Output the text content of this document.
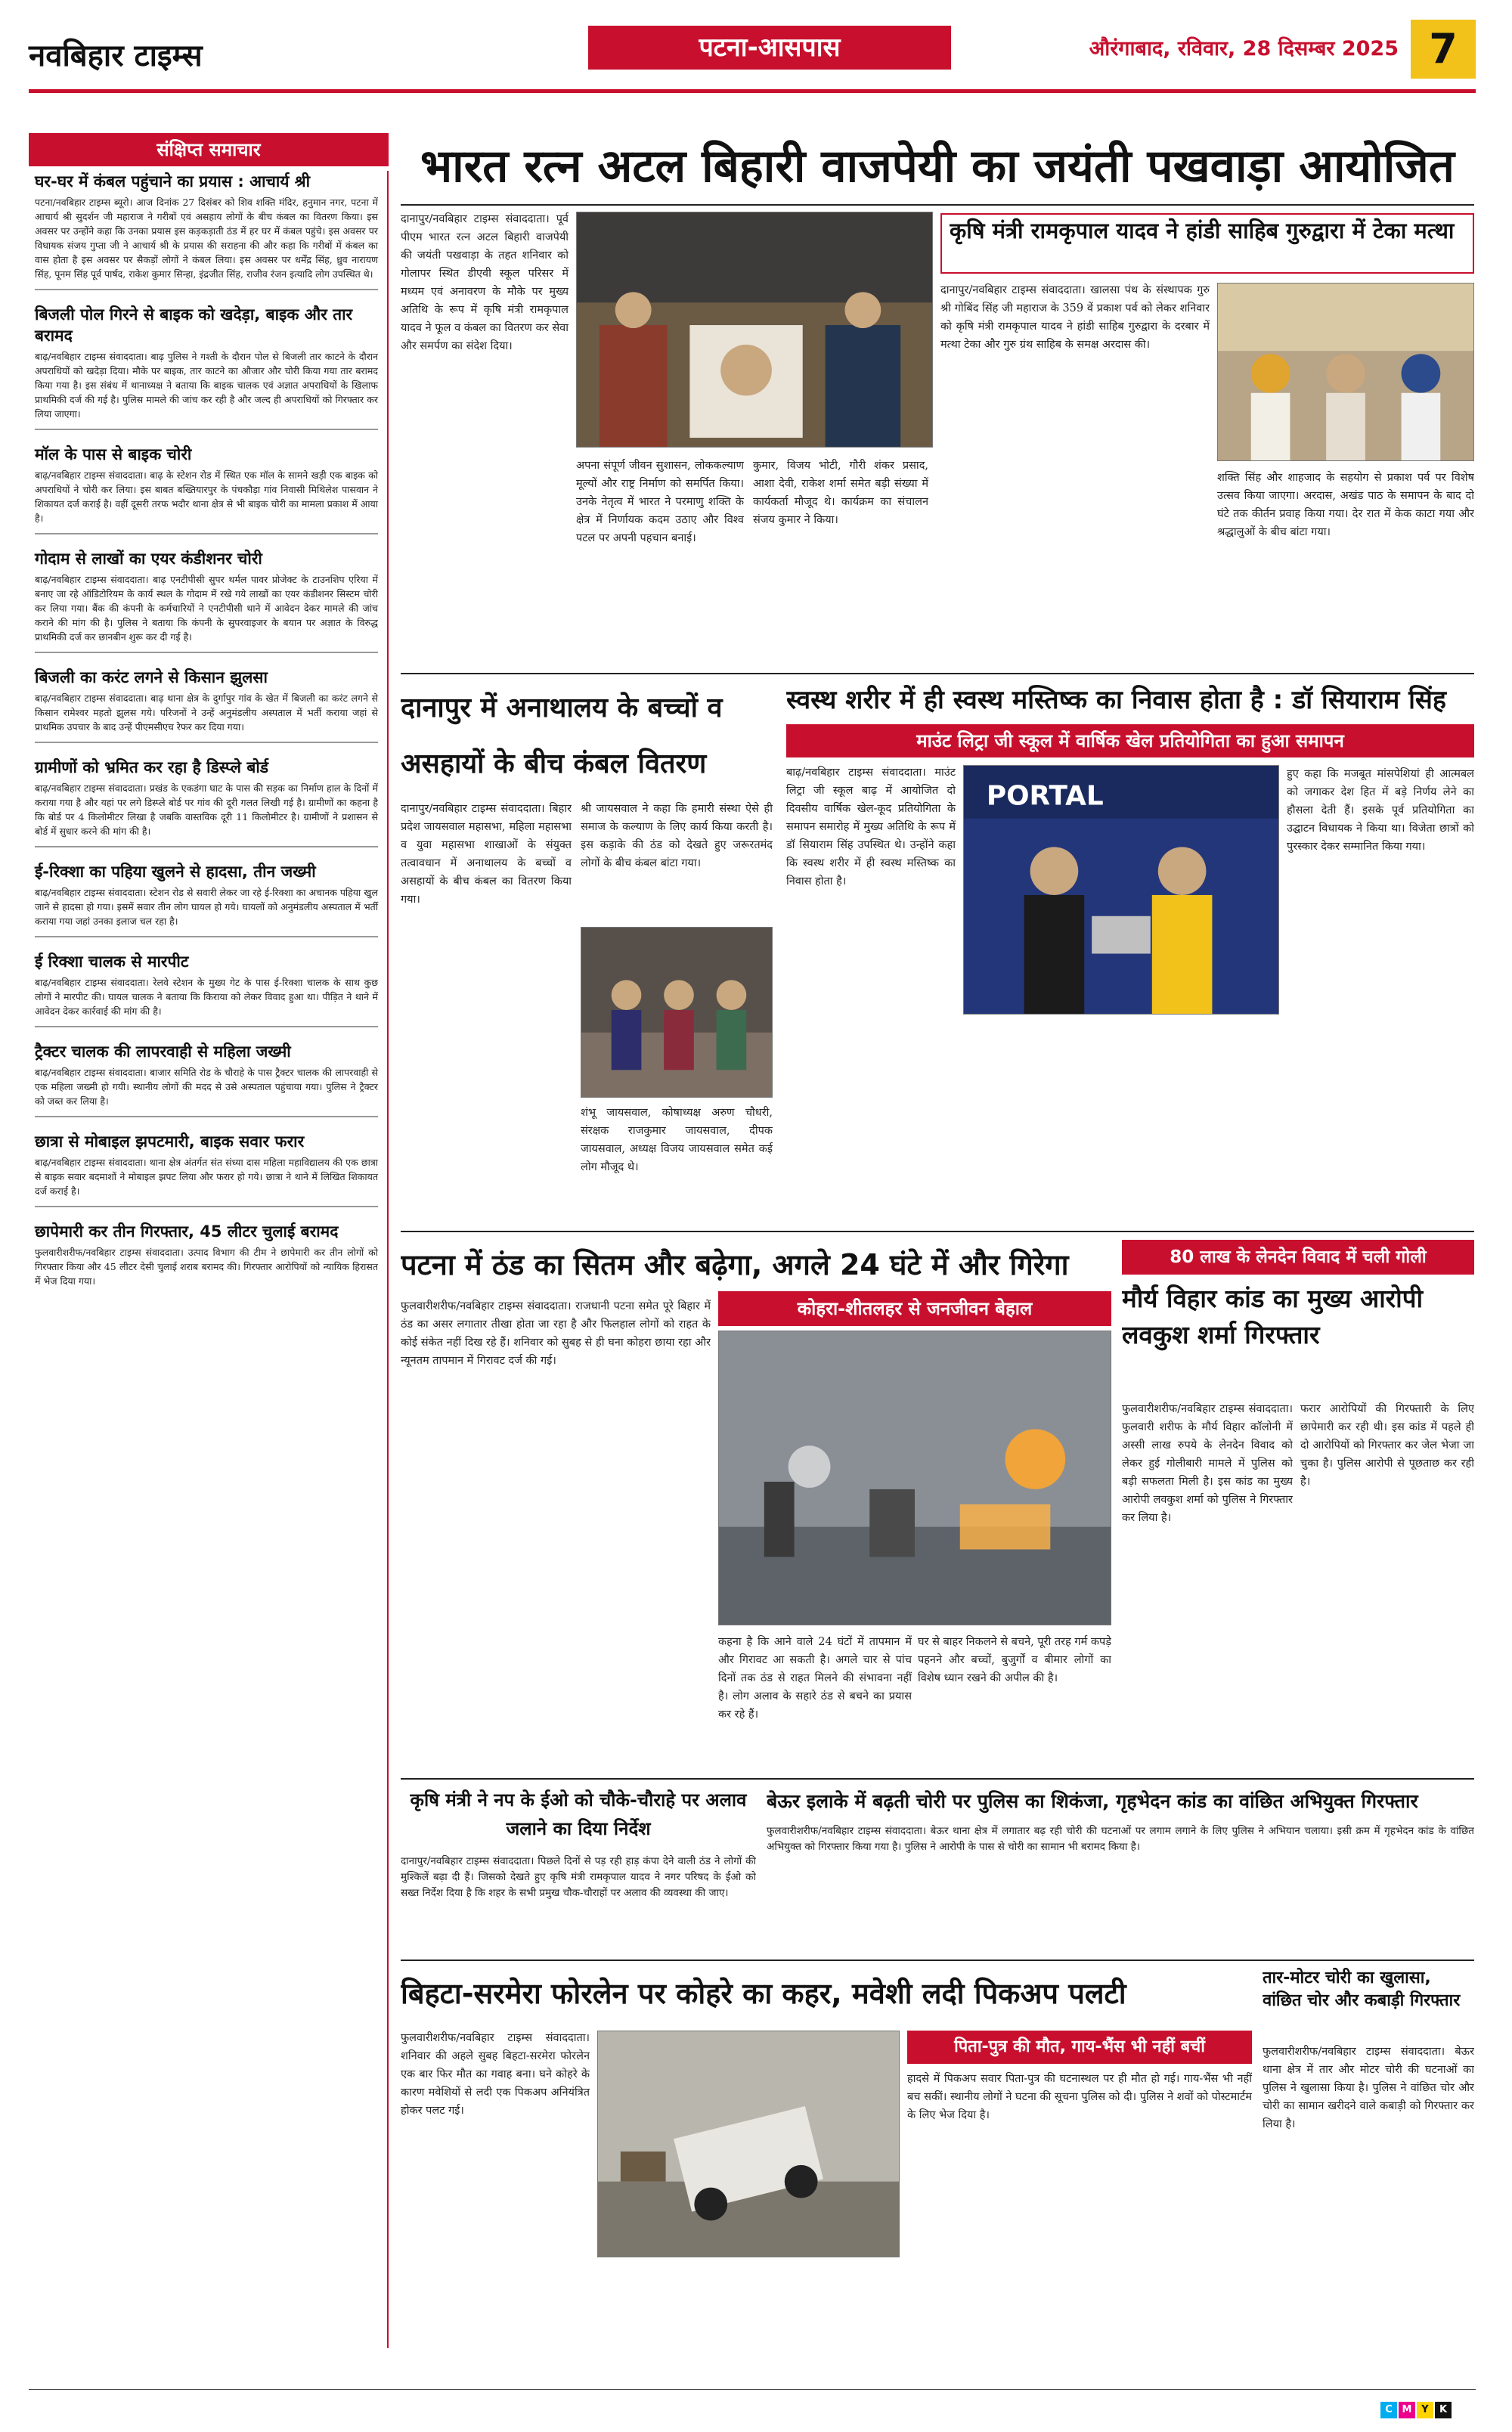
नवबिहार टाइम्स	पटना-आसपास	औरंगाबाद, रविवार, 28 दिसम्बर 2025 7
संक्षिप्त समाचार
घर-घर में कंबल पहुंचाने का प्रयास : आचार्य श्री

पटना/नवबिहार टाइम्स ब्यूरो। आज दिनांक 27 दिसंबर को शिव शक्ति मंदिर, हनुमान नगर, पटना में आचार्य श्री सुदर्शन जी महाराज ने गरीबों एवं असहाय लोगों के बीच कंबल का वितरण किया। इस अवसर पर उन्होंने कहा कि उनका प्रयास इस कड़कड़ाती ठंड में हर घर में कंबल पहुंचे। इस अवसर पर विधायक संजय गुप्ता जी ने आचार्य श्री के प्रयास की सराहना की और कहा कि गरीबों में कंबल का वास होता है इस अवसर पर सैकड़ों लोगों ने कंबल लिया। इस अवसर पर धर्मेंद्र सिंह, ध्रुव नारायण सिंह, पूनम सिंह पूर्व पार्षद, राकेश कुमार सिन्हा, इंद्रजीत सिंह, राजीव रंजन इत्यादि लोग उपस्थित थे।

बिजली पोल गिरने से बाइक को खदेड़ा, बाइक और तार बरामद

बाढ़/नवबिहार टाइम्स संवाददाता। बाढ़ पुलिस ने गश्ती के दौरान पोल से बिजली तार काटने के दौरान अपराधियों को खदेड़ा दिया। मौके पर बाइक, तार काटने का औजार और चोरी किया गया तार बरामद किया गया है। इस संबंध में थानाध्यक्ष ने बताया कि बाइक चालक एवं अज्ञात अपराधियों के खिलाफ प्राथमिकी दर्ज की गई है। पुलिस मामले की जांच कर रही है और जल्द ही अपराधियों को गिरफ्तार कर लिया जाएगा।

मॉल के पास से बाइक चोरी

बाढ़/नवबिहार टाइम्स संवाददाता। बाढ़ के स्टेशन रोड में स्थित एक मॉल के सामने खड़ी एक बाइक को अपराधियों ने चोरी कर लिया। इस बाबत बख्तियारपुर के पंचकौड़ा गांव निवासी मिथिलेश पासवान ने शिकायत दर्ज कराई है। वहीं दूसरी तरफ भदौर थाना क्षेत्र से भी बाइक चोरी का मामला प्रकाश में आया है।

गोदाम से लाखों का एयर कंडीशनर चोरी

बाढ़/नवबिहार टाइम्स संवाददाता। बाढ़ एनटीपीसी सुपर थर्मल पावर प्रोजेक्ट के टाउनशिप एरिया में बनाए जा रहे ऑडिटोरियम के कार्य स्थल के गोदाम में रखे गये लाखों का एयर कंडीशनर सिस्टम चोरी कर लिया गया। बैंक की कंपनी के कर्मचारियों ने एनटीपीसी थाने में आवेदन देकर मामले की जांच कराने की मांग की है। पुलिस ने बताया कि कंपनी के सुपरवाइजर के बयान पर अज्ञात के विरुद्ध प्राथमिकी दर्ज कर छानबीन शुरू कर दी गई है।

बिजली का करंट लगने से किसान झुलसा

बाढ़/नवबिहार टाइम्स संवाददाता। बाढ़ थाना क्षेत्र के दुर्गापुर गांव के खेत में बिजली का करंट लगने से किसान रामेश्वर महतो झुलस गये। परिजनों ने उन्हें अनुमंडलीय अस्पताल में भर्ती कराया जहां से प्राथमिक उपचार के बाद उन्हें पीएमसीएच रेफर कर दिया गया।

ग्रामीणों को भ्रमित कर रहा है डिस्प्ले बोर्ड

बाढ़/नवबिहार टाइम्स संवाददाता। प्रखंड के एकडंगा घाट के पास की सड़क का निर्माण हाल के दिनों में कराया गया है और यहां पर लगे डिस्प्ले बोर्ड पर गांव की दूरी गलत लिखी गई है। ग्रामीणों का कहना है कि बोर्ड पर 4 किलोमीटर लिखा है जबकि वास्तविक दूरी 11 किलोमीटर है। ग्रामीणों ने प्रशासन से बोर्ड में सुधार करने की मांग की है।

ई-रिक्शा का पहिया खुलने से हादसा, तीन जख्मी

बाढ़/नवबिहार टाइम्स संवाददाता। स्टेशन रोड से सवारी लेकर जा रहे ई-रिक्शा का अचानक पहिया खुल जाने से हादसा हो गया। इसमें सवार तीन लोग घायल हो गये। घायलों को अनुमंडलीय अस्पताल में भर्ती कराया गया जहां उनका इलाज चल रहा है।

ई रिक्शा चालक से मारपीट

बाढ़/नवबिहार टाइम्स संवाददाता। रेलवे स्टेशन के मुख्य गेट के पास ई-रिक्शा चालक के साथ कुछ लोगों ने मारपीट की। घायल चालक ने बताया कि किराया को लेकर विवाद हुआ था। पीड़ित ने थाने में आवेदन देकर कार्रवाई की मांग की है।

ट्रैक्टर चालक की लापरवाही से महिला जख्मी

बाढ़/नवबिहार टाइम्स संवाददाता। बाजार समिति रोड के चौराहे के पास ट्रैक्टर चालक की लापरवाही से एक महिला जख्मी हो गयी। स्थानीय लोगों की मदद से उसे अस्पताल पहुंचाया गया। पुलिस ने ट्रैक्टर को जब्त कर लिया है।

छात्रा से मोबाइल झपटमारी, बाइक सवार फरार

बाढ़/नवबिहार टाइम्स संवाददाता। थाना क्षेत्र अंतर्गत संत संध्या दास महिला महाविद्यालय की एक छात्रा से बाइक सवार बदमाशों ने मोबाइल झपट लिया और फरार हो गये। छात्रा ने थाने में लिखित शिकायत दर्ज कराई है।

छापेमारी कर तीन गिरफ्तार, 45 लीटर चुलाई बरामद

फुलवारीशरीफ/नवबिहार टाइम्स संवाददाता। उत्पाद विभाग की टीम ने छापेमारी कर तीन लोगों को गिरफ्तार किया और 45 लीटर देसी चुलाई शराब बरामद की। गिरफ्तार आरोपियों को न्यायिक हिरासत में भेज दिया गया।

भारत रत्न अटल बिहारी वाजपेयी का जयंती पखवाड़ा आयोजित
दानापुर/नवबिहार टाइम्स संवाददाता। पूर्व पीएम भारत रत्न अटल बिहारी वाजपेयी की जयंती पखवाड़ा के तहत शनिवार को गोलापर स्थित डीएवी स्कूल परिसर में मध्यम एवं अनावरण के मौके पर मुख्य अतिथि के रूप में कृषि मंत्री रामकृपाल यादव ने फूल व कंबल का वितरण कर सेवा और समर्पण का संदेश दिया।
अपना संपूर्ण जीवन सुशासन, लोककल्याण मूल्यों और राष्ट्र निर्माण को समर्पित किया। उनके नेतृत्व में भारत ने परमाणु शक्ति के क्षेत्र में निर्णायक कदम उठाए और विश्व पटल पर अपनी पहचान बनाई।
कुमार, विजय भोटी, गौरी शंकर प्रसाद, आशा देवी, राकेश शर्मा समेत बड़ी संख्या में कार्यकर्ता मौजूद थे। कार्यक्रम का संचालन संजय कुमार ने किया।
कृषि मंत्री रामकृपाल यादव ने हांडी साहिब गुरुद्वारा में टेका मत्था
दानापुर/नवबिहार टाइम्स संवाददाता। खालसा पंथ के संस्थापक गुरु श्री गोबिंद सिंह जी महाराज के 359 वें प्रकाश पर्व को लेकर शनिवार को कृषि मंत्री रामकृपाल यादव ने हांडी साहिब गुरुद्वारा के दरबार में मत्था टेका और गुरु ग्रंथ साहिब के समक्ष अरदास की।
शक्ति सिंह और शाहजाद के सहयोग से प्रकाश पर्व पर विशेष उत्सव किया जाएगा। अरदास, अखंड पाठ के समापन के बाद दो घंटे तक कीर्तन प्रवाह किया गया। देर रात में केक काटा गया और श्रद्धालुओं के बीच बांटा गया।
दानापुर में अनाथालय के बच्चों व असहायों के बीच कंबल वितरण
दानापुर/नवबिहार टाइम्स संवाददाता। बिहार प्रदेश जायसवाल महासभा, महिला महासभा व युवा महासभा शाखाओं के संयुक्त तत्वावधान में अनाथालय के बच्चों व असहायों के बीच कंबल का वितरण किया गया।
श्री जायसवाल ने कहा कि हमारी संस्था ऐसे ही समाज के कल्याण के लिए कार्य किया करती है। इस कड़ाके की ठंड को देखते हुए जरूरतमंद लोगों के बीच कंबल बांटा गया।
शंभू जायसवाल, कोषाध्यक्ष अरुण चौधरी, संरक्षक राजकुमार जायसवाल, दीपक जायसवाल, अध्यक्ष विजय जायसवाल समेत कई लोग मौजूद थे।
स्वस्थ शरीर में ही स्वस्थ मस्तिष्क का निवास होता है : डॉ सियाराम सिंह
माउंट लिट्रा जी स्कूल में वार्षिक खेल प्रतियोगिता का हुआ समापन
बाढ़/नवबिहार टाइम्स संवाददाता। माउंट लिट्रा जी स्कूल बाढ़ में आयोजित दो दिवसीय वार्षिक खेल-कूद प्रतियोगिता के समापन समारोह में मुख्य अतिथि के रूप में डॉ सियाराम सिंह उपस्थित थे। उन्होंने कहा कि स्वस्थ शरीर में ही स्वस्थ मस्तिष्क का निवास होता है।
PORTAL
हुए कहा कि मजबूत मांसपेशियां ही आत्मबल को जगाकर देश हित में बड़े निर्णय लेने का हौसला देती हैं। इसके पूर्व प्रतियोगिता का उद्घाटन विधायक ने किया था। विजेता छात्रों को पुरस्कार देकर सम्मानित किया गया।
पटना में ठंड का सितम और बढ़ेगा, अगले 24 घंटे में और गिरेगा
कोहरा-शीतलहर से जनजीवन बेहाल
फुलवारीशरीफ/नवबिहार टाइम्स संवाददाता। राजधानी पटना समेत पूरे बिहार में ठंड का असर लगातार तीखा होता जा रहा है और फिलहाल लोगों को राहत के कोई संकेत नहीं दिख रहे हैं। शनिवार को सुबह से ही घना कोहरा छाया रहा और न्यूनतम तापमान में गिरावट दर्ज की गई।
कहना है कि आने वाले 24 घंटों में तापमान में और गिरावट आ सकती है। अगले चार से पांच दिनों तक ठंड से राहत मिलने की संभावना नहीं है। लोग अलाव के सहारे ठंड से बचने का प्रयास कर रहे हैं।
घर से बाहर निकलने से बचने, पूरी तरह गर्म कपड़े पहनने और बच्चों, बुजुर्गों व बीमार लोगों का विशेष ध्यान रखने की अपील की है।
80 लाख के लेनदेन विवाद में चली गोली
मौर्य विहार कांड का मुख्य आरोपी लवकुश शर्मा गिरफ्तार
फुलवारीशरीफ/नवबिहार टाइम्स संवाददाता। फुलवारी शरीफ के मौर्य विहार कॉलोनी में अस्सी लाख रुपये के लेनदेन विवाद को लेकर हुई गोलीबारी मामले में पुलिस को बड़ी सफलता मिली है। इस कांड का मुख्य आरोपी लवकुश शर्मा को पुलिस ने गिरफ्तार कर लिया है।
फरार आरोपियों की गिरफ्तारी के लिए छापेमारी कर रही थी। इस कांड में पहले ही दो आरोपियों को गिरफ्तार कर जेल भेजा जा चुका है। पुलिस आरोपी से पूछताछ कर रही है।
कृषि मंत्री ने नप के ईओ को चौके-चौराहे पर अलाव जलाने का दिया निर्देश
दानापुर/नवबिहार टाइम्स संवाददाता। पिछले दिनों से पड़ रही हाड़ कंपा देने वाली ठंड ने लोगों की मुश्किलें बढ़ा दी हैं। जिसको देखते हुए कृषि मंत्री रामकृपाल यादव ने नगर परिषद के ईओ को सख्त निर्देश दिया है कि शहर के सभी प्रमुख चौक-चौराहों पर अलाव की व्यवस्था की जाए।
बेऊर इलाके में बढ़ती चोरी पर पुलिस का शिकंजा, गृहभेदन कांड का वांछित अभियुक्त गिरफ्तार
फुलवारीशरीफ/नवबिहार टाइम्स संवाददाता। बेऊर थाना क्षेत्र में लगातार बढ़ रही चोरी की घटनाओं पर लगाम लगाने के लिए पुलिस ने अभियान चलाया। इसी क्रम में गृहभेदन कांड के वांछित अभियुक्त को गिरफ्तार किया गया है। पुलिस ने आरोपी के पास से चोरी का सामान भी बरामद किया है।
बिहटा-सरमेरा फोरलेन पर कोहरे का कहर, मवेशी लदी पिकअप पलटी
फुलवारीशरीफ/नवबिहार टाइम्स संवाददाता। शनिवार की अहले सुबह बिहटा-सरमेरा फोरलेन एक बार फिर मौत का गवाह बना। घने कोहरे के कारण मवेशियों से लदी एक पिकअप अनियंत्रित होकर पलट गई।
पिता-पुत्र की मौत, गाय-भैंस भी नहीं बचीं
हादसे में पिकअप सवार पिता-पुत्र की घटनास्थल पर ही मौत हो गई। गाय-भैंस भी नहीं बच सकीं। स्थानीय लोगों ने घटना की सूचना पुलिस को दी। पुलिस ने शवों को पोस्टमार्टम के लिए भेज दिया है।
तार-मोटर चोरी का खुलासा, वांछित चोर और कबाड़ी गिरफ्तार
फुलवारीशरीफ/नवबिहार टाइम्स संवाददाता। बेऊर थाना क्षेत्र में तार और मोटर चोरी की घटनाओं का पुलिस ने खुलासा किया है। पुलिस ने वांछित चोर और चोरी का सामान खरीदने वाले कबाड़ी को गिरफ्तार कर लिया है।
C M Y	K
